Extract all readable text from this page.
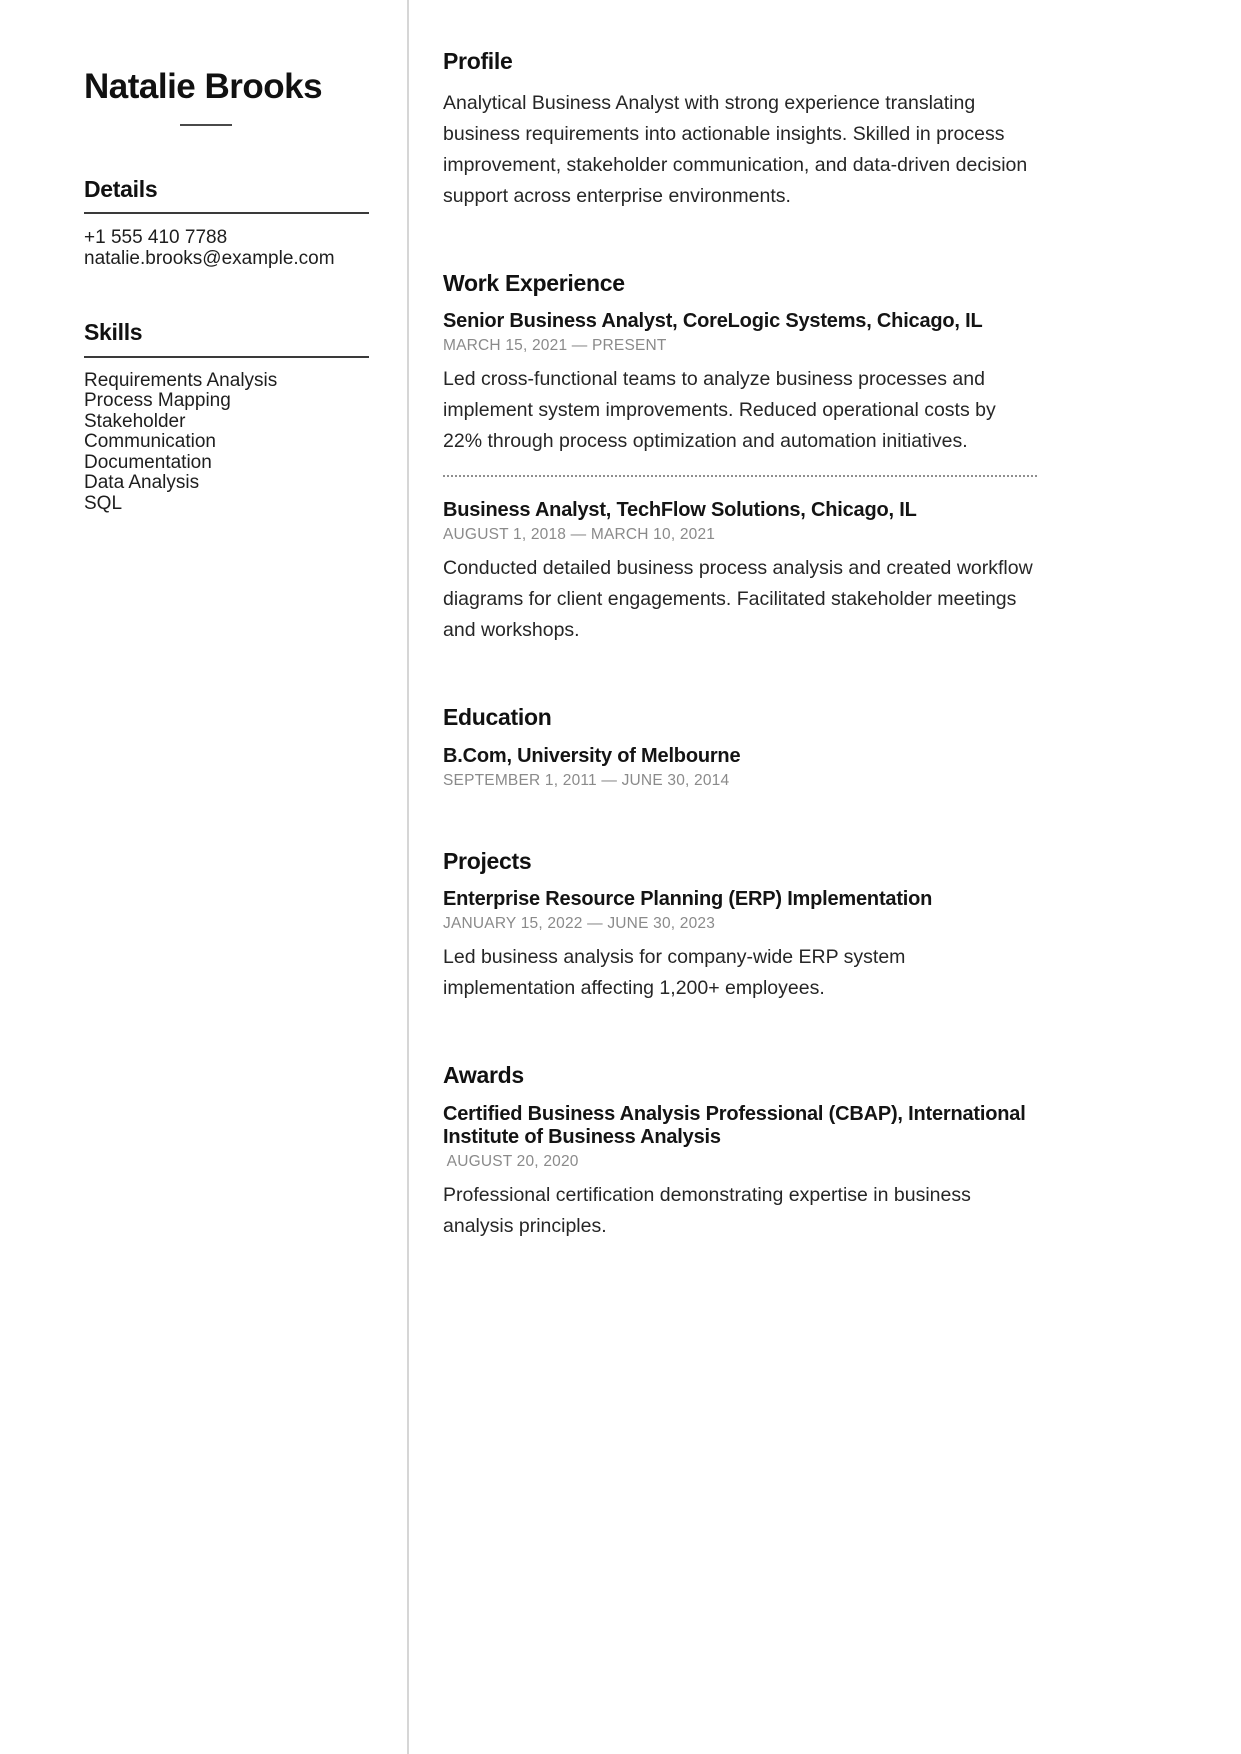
Natalie Brooks
Details
+1 555 410 7788
natalie.brooks@example.com
Skills
Requirements Analysis
Process Mapping
Stakeholder Communication
Documentation
Data Analysis
SQL
Profile

Analytical Business Analyst with strong experience translating business requirements into actionable insights. Skilled in process improvement, stakeholder communication, and data-driven decision support across enterprise environments.

Work Experience
Senior Business Analyst, CoreLogic Systems, Chicago, IL
MARCH 15, 2021 — PRESENT

Led cross-functional teams to analyze business processes and implement system improvements. Reduced operational costs by 22% through process optimization and automation initiatives.

Business Analyst, TechFlow Solutions, Chicago, IL
AUGUST 1, 2018 — MARCH 10, 2021

Conducted detailed business process analysis and created workflow diagrams for client engagements. Facilitated stakeholder meetings and workshops.

Education
B.Com, University of Melbourne
SEPTEMBER 1, 2011 — JUNE 30, 2014
Projects
Enterprise Resource Planning (ERP) Implementation
JANUARY 15, 2022 — JUNE 30, 2023

Led business analysis for company-wide ERP system implementation affecting 1,200+ employees.

Awards
Certified Business Analysis Professional (CBAP), International Institute of Business Analysis
AUGUST 20, 2020

Professional certification demonstrating expertise in business analysis principles.
